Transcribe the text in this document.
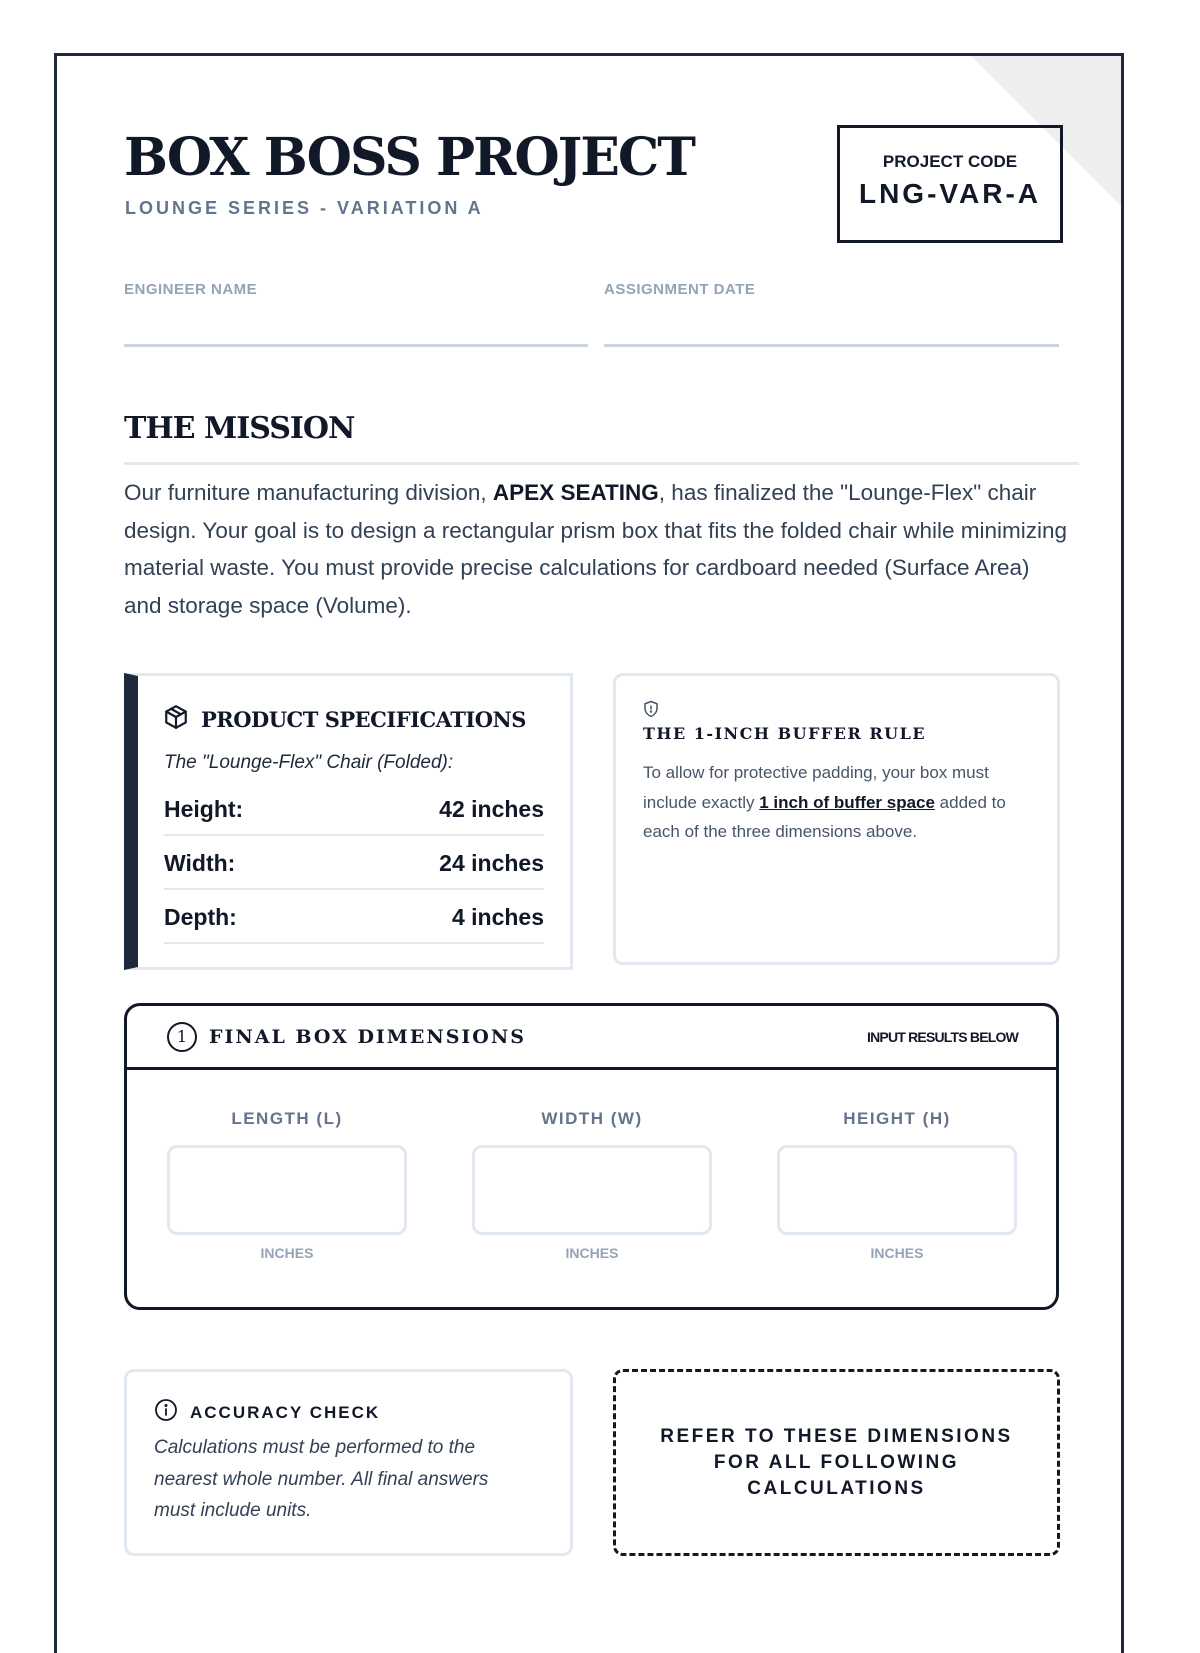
BOX BOSS PROJECT
LOUNGE SERIES - VARIATION A
PROJECT CODE
LNG-VAR-A
ENGINEER NAME	ASSIGNMENT DATE
THE MISSION

Our furniture manufacturing division, APEX SEATING, has finalized the "Lounge-Flex" chair design. Your goal is to design a rectangular prism box that fits the folded chair while minimizing material waste. You must provide precise calculations for cardboard needed (Surface Area) and storage space (Volume).

PRODUCT SPECIFICATIONS
The "Lounge-Flex" Chair (Folded):
Height:	42 inches
Width:	24 inches
Depth:	4 inches
THE 1-INCH BUFFER RULE

To allow for protective padding, your box must include exactly 1 inch of buffer space added to each of the three dimensions above.

1	FINAL BOX DIMENSIONS	INPUT RESULTS BELOW
LENGTH (L)
INCHES
WIDTH (W)
INCHES
HEIGHT (H)
INCHES
ACCURACY CHECK

Calculations must be performed to the nearest whole number. All final answers must include units.

REFER TO THESE DIMENSIONS FOR ALL FOLLOWING CALCULATIONS
